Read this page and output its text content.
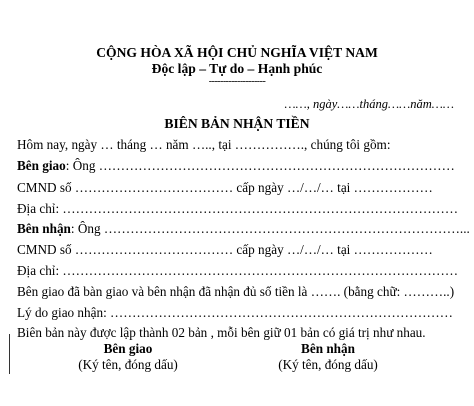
CỘNG HÒA XÃ HỘI CHỦ NGHĨA VIỆT NAM
Độc lập – Tự do – Hạnh phúc
--------------------
……, ngày……tháng……năm……
BIÊN BẢN NHẬN TIỀN
Hôm nay, ngày … tháng … năm ….., tại ……………., chúng tôi gồm:
Bên giao: Ông ………………………………………………………………………
CMND số ……………………………… cấp ngày …/…/… tại ………………
Địa chỉ: ………………………………………………………………………………
Bên nhận: Ông ………………………………………………………………………...
CMND số ……………………………… cấp ngày …/…/… tại ………………
Địa chỉ: ………………………………………………………………………………
Bên giao đã bàn giao và bên nhận đã nhận đủ số tiền là ……. (bằng chữ: ………..)
Lý do giao nhận: ……………………………………………………………………
Biên bản này được lập thành 02 bản , mỗi bên giữ 01 bản có giá trị như nhau.
Bên giao
(Ký tên, đóng dấu)
Bên nhận
(Ký tên, đóng dấu)
